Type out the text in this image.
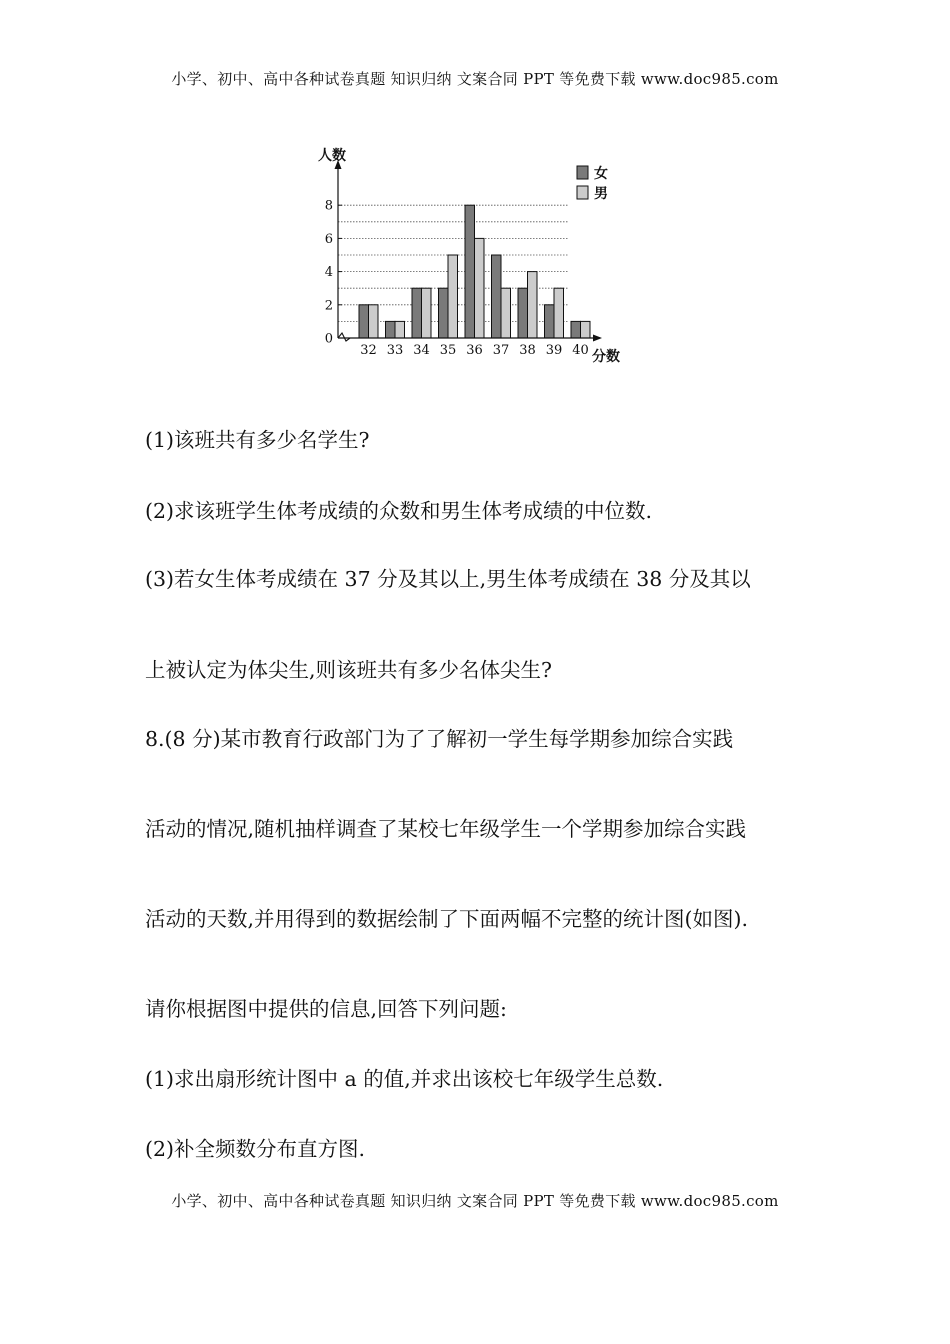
小学、初中、高中各种试卷真题 知识归纳 文案合同 PPT 等免费下载 www.doc985.com
0
2
4
6
8
32 33 34 35 36 37 38 39 40
人数
分数
女
男
(1)该班共有多少名学生?
(2)求该班学生体考成绩的众数和男生体考成绩的中位数.
(3)若女生体考成绩在 37 分及其以上,男生体考成绩在 38 分及其以
上被认定为体尖生,则该班共有多少名体尖生?
8.(8 分)某市教育行政部门为了了解初一学生每学期参加综合实践
活动的情况,随机抽样调查了某校七年级学生一个学期参加综合实践
活动的天数,并用得到的数据绘制了下面两幅不完整的统计图(如图).
请你根据图中提供的信息,回答下列问题:
(1)求出扇形统计图中 a 的值,并求出该校七年级学生总数.
(2)补全频数分布直方图.
小学、初中、高中各种试卷真题 知识归纳 文案合同 PPT 等免费下载 www.doc985.com
